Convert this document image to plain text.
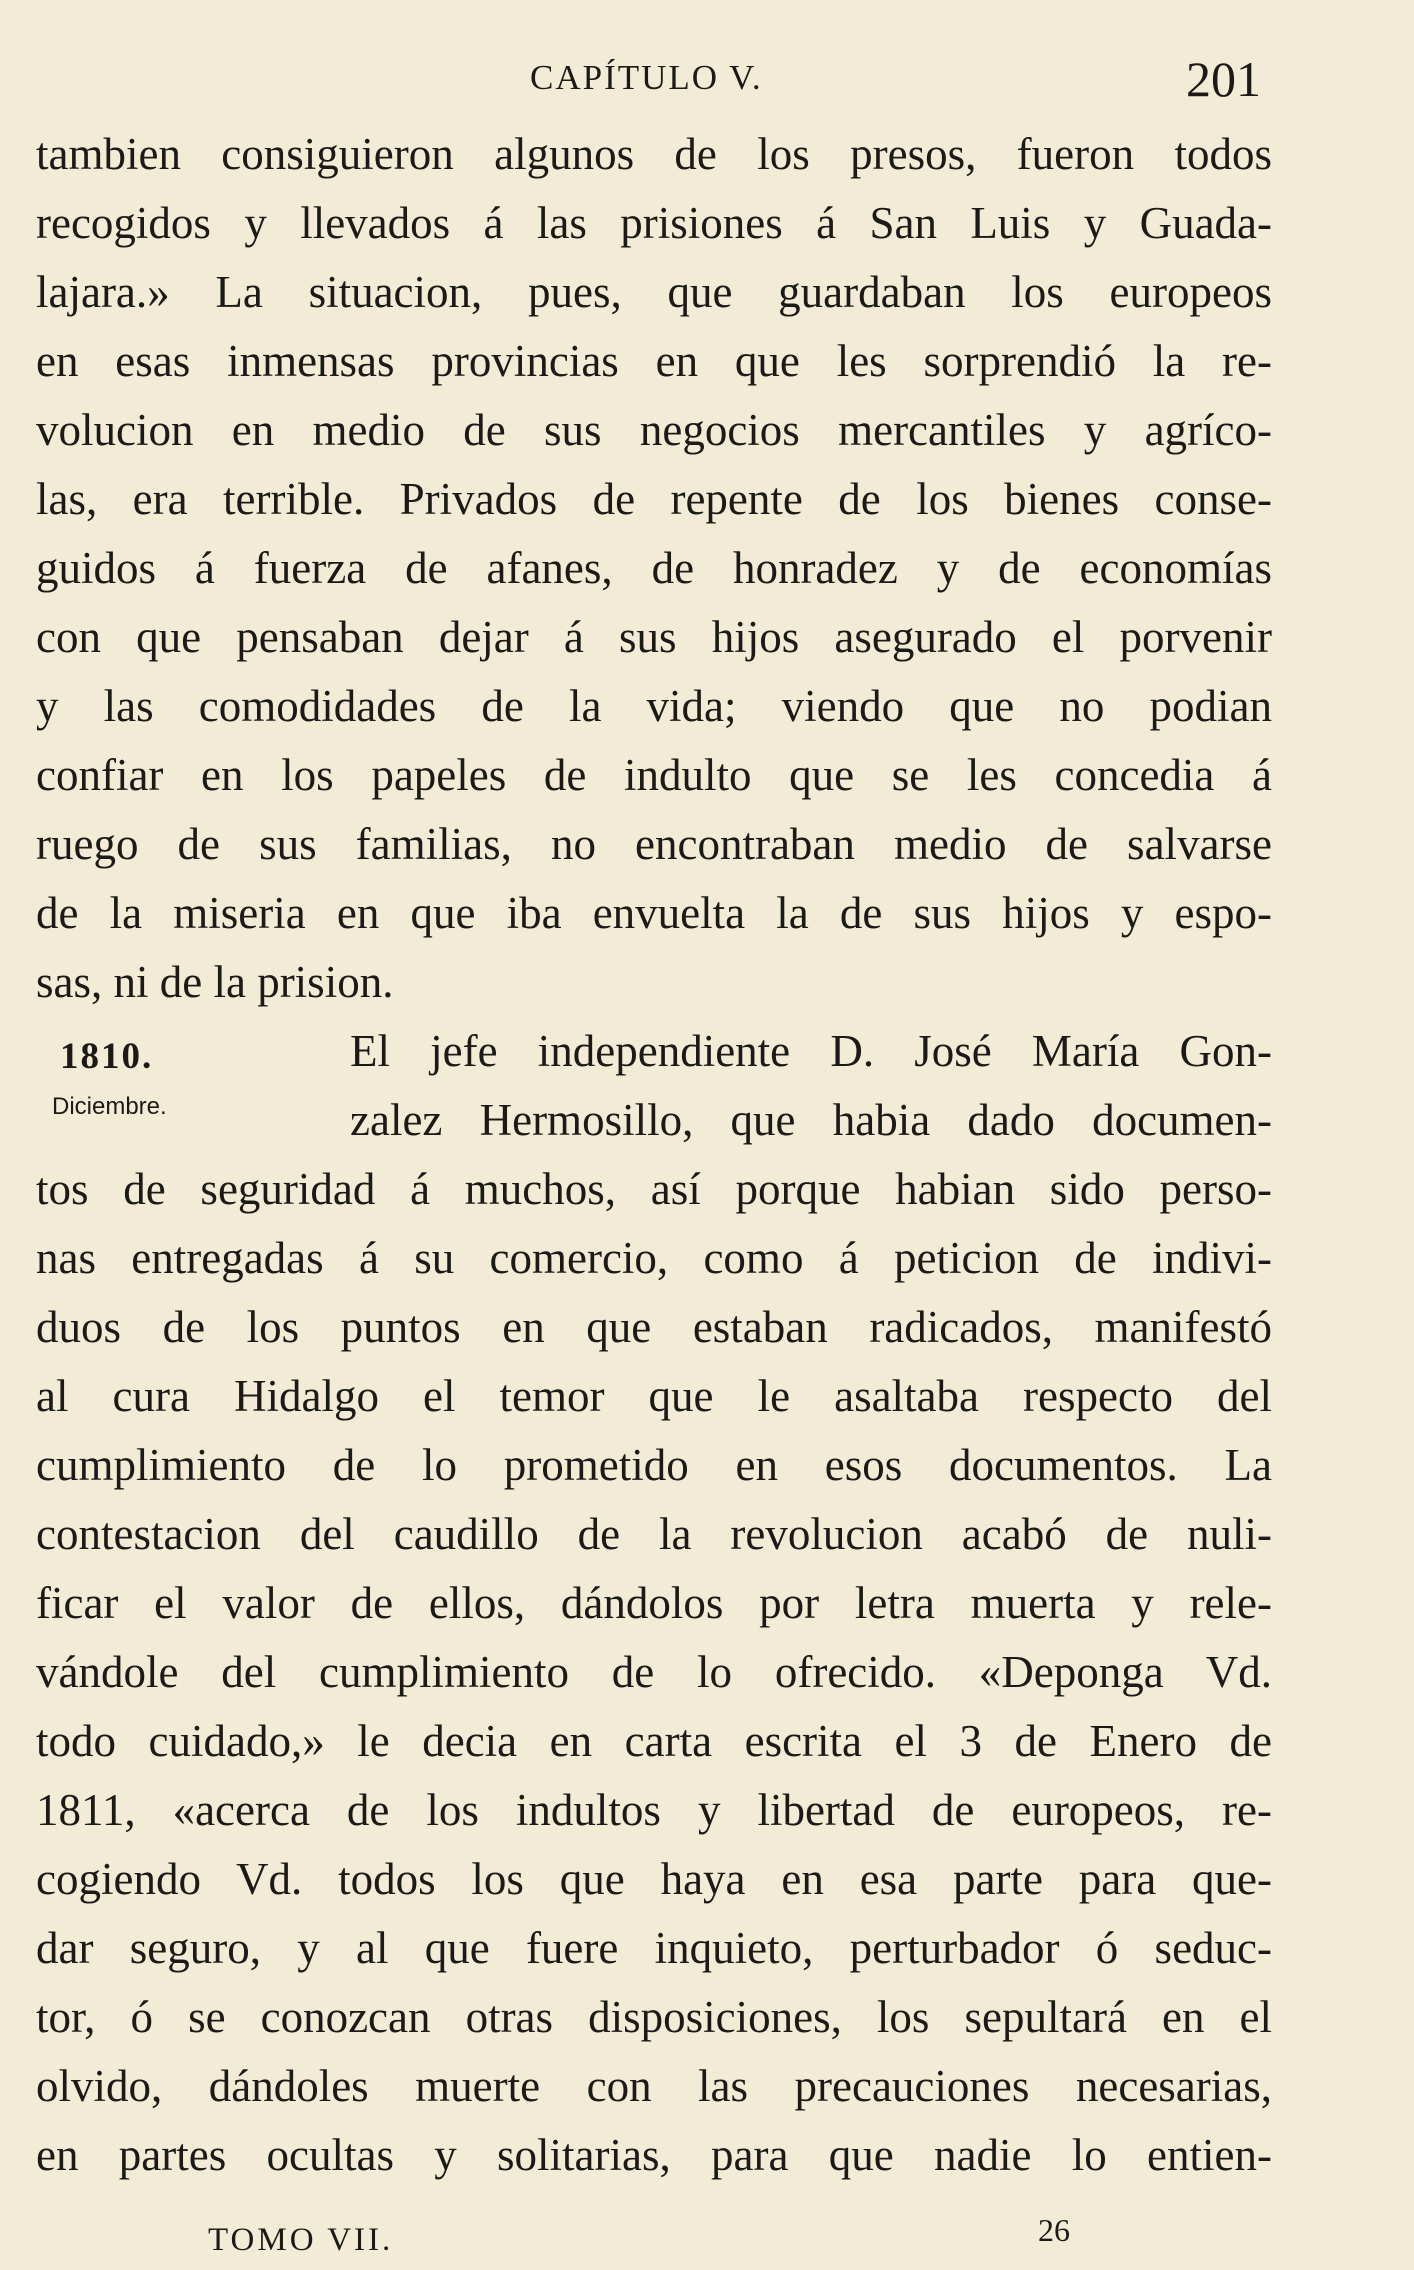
CAPÍTULO V.	201
1810.
Diciembre.
tambien consiguieron algunos de los presos, fueron todos
recogidos y llevados á las prisiones á San Luis y Guada-
lajara.» La situacion, pues, que guardaban los europeos
en esas inmensas provincias en que les sorprendió la re-
volucion en medio de sus negocios mercantiles y agríco-
las, era terrible. Privados de repente de los bienes conse-
guidos á fuerza de afanes, de honradez y de economías
con que pensaban dejar á sus hijos asegurado el porvenir
y las comodidades de la vida; viendo que no podian
confiar en los papeles de indulto que se les concedia á
ruego de sus familias, no encontraban medio de salvarse
de la miseria en que iba envuelta la de sus hijos y espo-
sas, ni de la prision.
El jefe independiente D. José María Gon-
zalez Hermosillo, que habia dado documen-
tos de seguridad á muchos, así porque habian sido perso-
nas entregadas á su comercio, como á peticion de indivi-
duos de los puntos en que estaban radicados, manifestó
al cura Hidalgo el temor que le asaltaba respecto del
cumplimiento de lo prometido en esos documentos. La
contestacion del caudillo de la revolucion acabó de nuli-
ficar el valor de ellos, dándolos por letra muerta y rele-
vándole del cumplimiento de lo ofrecido. «Deponga Vd.
todo cuidado,» le decia en carta escrita el 3 de Enero de
1811, «acerca de los indultos y libertad de europeos, re-
cogiendo Vd. todos los que haya en esa parte para que-
dar seguro, y al que fuere inquieto, perturbador ó seduc-
tor, ó se conozcan otras disposiciones, los sepultará en el
olvido, dándoles muerte con las precauciones necesarias,
en partes ocultas y solitarias, para que nadie lo entien-
TOMO VII.	26
